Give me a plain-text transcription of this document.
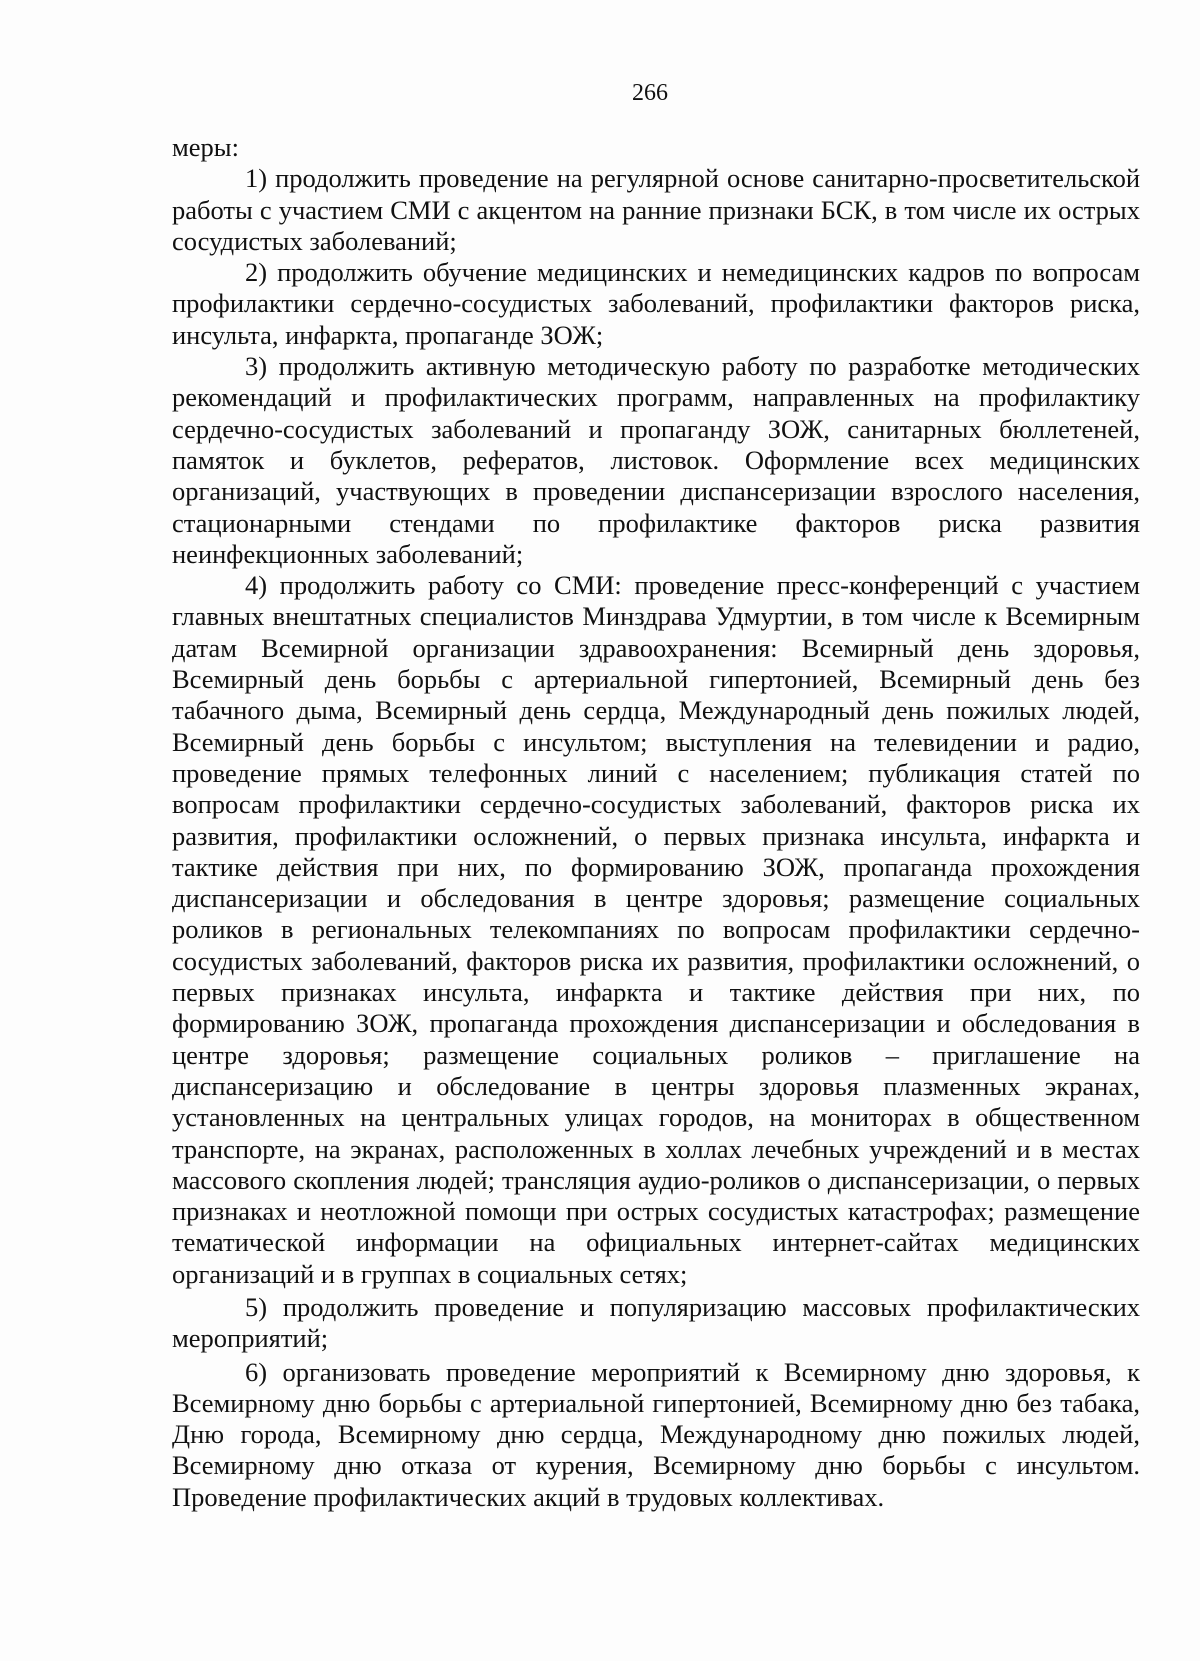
266

меры:

1) продолжить проведение на регулярной основе санитарно-просветительской работы с участием СМИ с акцентом на ранние признаки БСК, в том числе их острых сосудистых заболеваний;

2) продолжить обучение медицинских и немедицинских кадров по вопросам профилактики сердечно-сосудистых заболеваний, профилактики факторов риска, инсульта, инфаркта, пропаганде ЗОЖ;

3) продолжить активную методическую работу по разработке методических рекомендаций и профилактических программ, направленных на профилактику сердечно-сосудистых заболеваний и пропаганду ЗОЖ, санитарных бюллетеней, памяток и буклетов, рефератов, листовок. Оформление всех медицинских организаций, участвующих в проведении диспансеризации взрослого населения, стационарными стендами по профилактике факторов риска развития неинфекционных заболеваний;

4) продолжить работу со СМИ: проведение пресс-конференций с участием главных внештатных специалистов Минздрава Удмуртии, в том числе к Всемирным датам Всемирной организации здравоохранения: Всемирный день здоровья, Всемирный день борьбы с артериальной гипертонией, Всемирный день без табачного дыма, Всемирный день сердца, Международный день пожилых людей, Всемирный день борьбы с инсультом; выступления на телевидении и радио, проведение прямых телефонных линий с населением; публикация статей по вопросам профилактики сердечно-сосудистых заболеваний, факторов риска их развития, профилактики осложнений, о первых признака инсульта, инфаркта и тактике действия при них, по формированию ЗОЖ, пропаганда прохождения диспансеризации и обследования в центре здоровья; размещение социальных роликов в региональных телекомпаниях по вопросам профилактики сердечно-сосудистых заболеваний, факторов риска их развития, профилактики осложнений, о первых признаках инсульта, инфаркта и тактике действия при них, по формированию ЗОЖ, пропаганда прохождения диспансеризации и обследования в центре здоровья; размещение социальных роликов – приглашение на диспансеризацию и обследование в центры здоровья плазменных экранах, установленных на центральных улицах городов, на мониторах в общественном транспорте, на экранах, расположенных в холлах лечебных учреждений и в местах массового скопления людей; трансляция аудио-роликов о диспансеризации, о первых признаках и неотложной помощи при острых сосудистых катастрофах; размещение тематической информации на официальных интернет-сайтах медицинских организаций и в группах в социальных сетях;

5) продолжить проведение и популяризацию массовых профилактических мероприятий;

6) организовать проведение мероприятий к Всемирному дню здоровья, к Всемирному дню борьбы с артериальной гипертонией, Всемирному дню без табака, Дню города, Всемирному дню сердца, Международному дню пожилых людей, Всемирному дню отказа от курения, Всемирному дню борьбы с инсультом. Проведение профилактических акций в трудовых коллективах.
